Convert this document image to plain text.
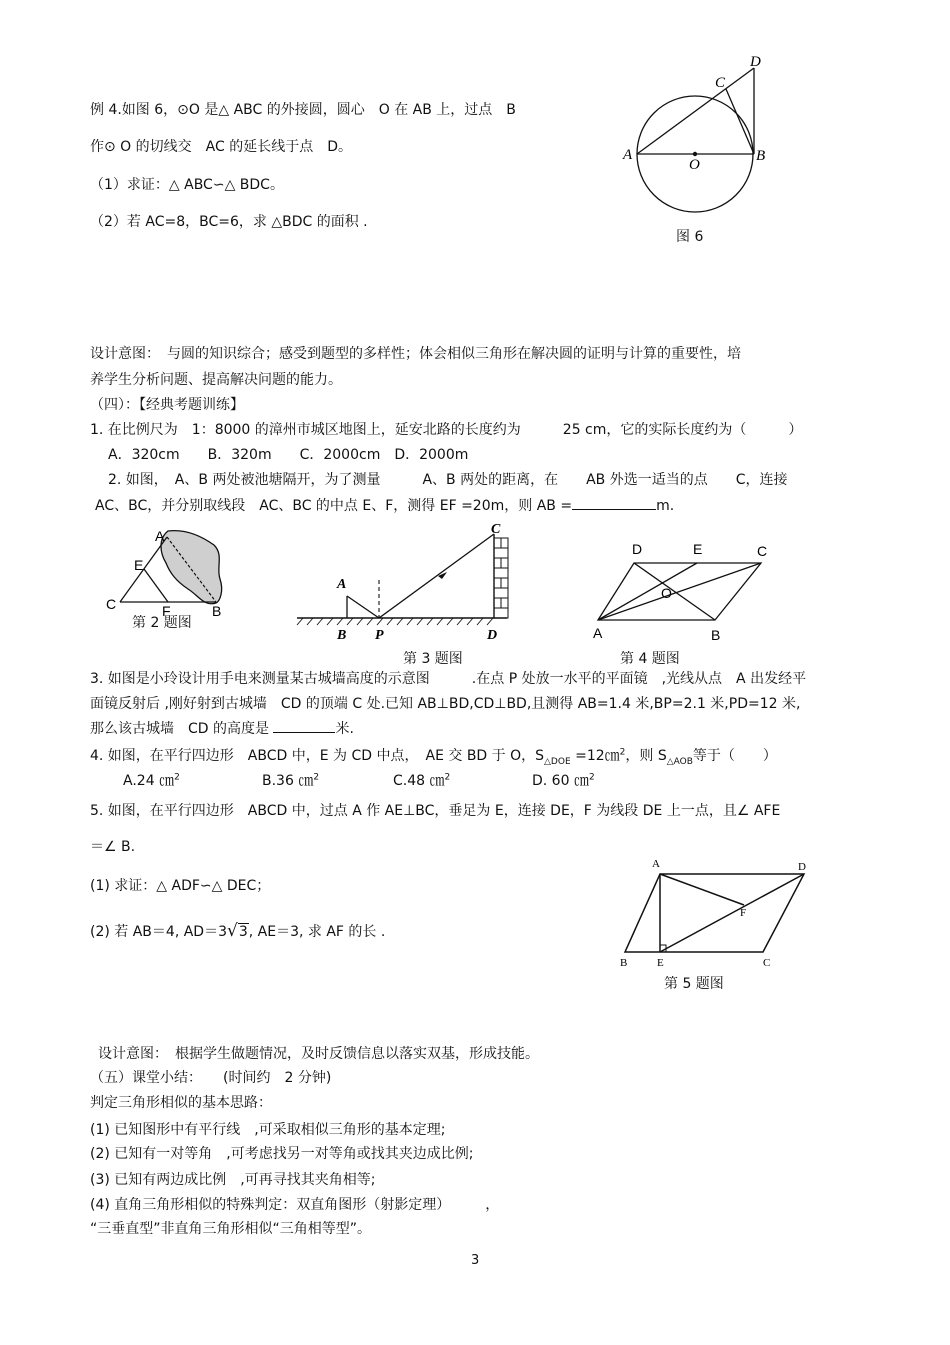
例 4.如图 6，⊙O 是△ ABC 的外接圆，圆心　O 在 AB 上，过点　B
作⊙ O 的切线交　AC 的延长线于点　D。
（1）求证：△ ABC∽△ BDC。
（2）若 AC=8，BC=6，求 △BDC 的面积 .
A	B
C
D
O
图 6
设计意图：　与圆的知识综合；感受到题型的多样性；体会相似三角形在解决圆的证明与计算的重要性，培
养学生分析问题、提高解决问题的能力。
（四）：【经典考题训练】
1. 在比例尺为　1：8000 的漳州市城区地图上，延安北路的长度约为　　　25 cm，它的实际长度约为（　　　）
A．320cm　　B．320m　　C．2000cm　D．2000m
2. 如图，　A、B 两处被池塘隔开，为了测量　　　A、B 两处的距离，在　　AB 外选一适当的点　　C，连接
AC、BC，并分别取线段　AC、BC 的中点 E、F，测得 EF =20m，则 AB =	m.
A
E
C	F	B
第 2 题图
A
B P	D
C
第 3 题图
D	E	C
O
A	B
第 4 题图
3. 如图是小玲设计用手电来测量某古城墙高度的示意图　　　.在点 P 处放一水平的平面镜　,光线从点　A 出发经平
面镜反射后 ,刚好射到古城墙　CD 的顶端 C 处.已知 AB⊥BD,CD⊥BD,且测得 AB=1.4 米,BP=2.1 米,PD=12 米,
那么该古城墙　CD 的高度是	米.
4. 如图，在平行四边形　ABCD 中，E 为 CD 中点，　AE 交 BD 于 O，$S_{\triangle DOE}$ =12㎝$^2$，则 $S_{\triangle AOB}$等于（　　）
A.24 ㎝$^2$	B.36 ㎝$^2$	C.48 ㎝$^2$	D. 60 ㎝$^2$
5. 如图，在平行四边形　ABCD 中，过点 A 作 AE⊥BC，垂足为 E，连接 DE，F 为线段 DE 上一点，且∠ AFE
＝∠ B.
(1) 求证：△ ADF∽△ DEC；
(2) 若 AB＝4, AD＝3√3, AE＝3, 求 AF 的长 .
A	D
B	E	C
F
第 5 题图
设计意图：　根据学生做题情况，及时反馈信息以落实双基，形成技能。
（五）课堂小结：　　(时间约　2 分钟)
判定三角形相似的基本思路：
(1) 已知图形中有平行线　,可采取相似三角形的基本定理;
(2) 已知有一对等角　,可考虑找另一对等角或找其夹边成比例;
(3) 已知有两边成比例　,可再寻找其夹角相等;
(4) 直角三角形相似的特殊判定：双直角图形（射影定理）　　　，
“三垂直型”非直角三角形相似“三角相等型”。
3
